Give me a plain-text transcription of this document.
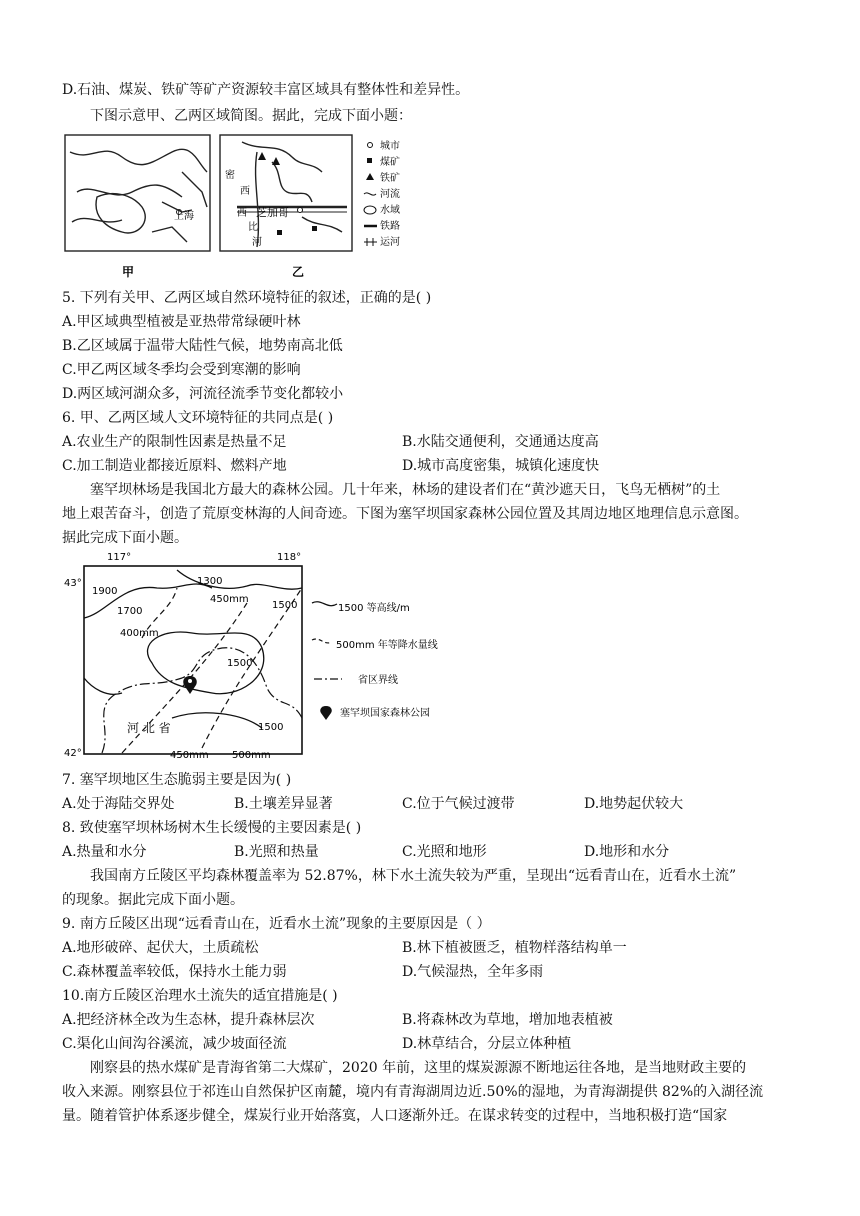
D.石油、煤炭、铁矿等矿产资源较丰富区域具有整体性和差异性。
下图示意甲、乙两区域简图。据此，完成下面小题：
上海
密
西
西
比
河
芝加哥
甲	乙
城市
煤矿
铁矿
河流
水域
铁路
运河
5. 下列有关甲、乙两区域自然环境特征的叙述，正确的是( )
A.甲区域典型植被是亚热带常绿硬叶林
B.乙区域属于温带大陆性气候，地势南高北低
C.甲乙两区域冬季均会受到寒潮的影响
D.两区域河湖众多，河流径流季节变化都较小
6. 甲、乙两区域人文环境特征的共同点是( )
A.农业生产的限制性因素是热量不足	B.水陆交通便利，交通通达度高
C.加工制造业都接近原料、燃料产地	D.城市高度密集，城镇化速度快
塞罕坝林场是我国北方最大的森林公园。几十年来，林场的建设者们在“黄沙遮天日，飞鸟无栖树”的土
地上艰苦奋斗，创造了荒原变林海的人间奇迹。下图为塞罕坝国家森林公园位置及其周边地区地理信息示意图。
据此完成下面小题。
117°	118°
43°
42°
1900
1300
450mm
1700
1500
400mm
1500
1500
河 北 省
450mm 500mm
1500 等高线/m
500mm 年等降水量线
省区界线
塞罕坝国家森林公园
7. 塞罕坝地区生态脆弱主要是因为( )
A.处于海陆交界处	B.土壤差异显著	C.位于气候过渡带	D.地势起伏较大
8. 致使塞罕坝林场树木生长缓慢的主要因素是( )
A.热量和水分	B.光照和热量	C.光照和地形	D.地形和水分
我国南方丘陵区平均森林覆盖率为 52.87%，林下水土流失较为严重，呈现出“远看青山在，近看水土流”
的现象。据此完成下面小题。
9. 南方丘陵区出现“远看青山在，近看水土流”现象的主要原因是（ ）
A.地形破碎、起伏大，土质疏松	B.林下植被匮乏，植物样落结构单一
C.森林覆盖率较低，保持水土能力弱	D.气候湿热，全年多雨
10.南方丘陵区治理水土流失的适宜措施是( )
A.把经济林全改为生态林，提升森林层次	B.将森林改为草地，增加地表植被
C.渠化山间沟谷溪流，减少坡面径流	D.林草结合，分层立体种植
刚察县的热水煤矿是青海省第二大煤矿，2020 年前，这里的煤炭源源不断地运往各地，是当地财政主要的
收入来源。刚察县位于祁连山自然保护区南麓，境内有青海湖周边近.50%的湿地，为青海湖提供 82%的入湖径流
量。随着管护体系逐步健全，煤炭行业开始落寞，人口逐渐外迁。在谋求转变的过程中，当地积极打造“国家
